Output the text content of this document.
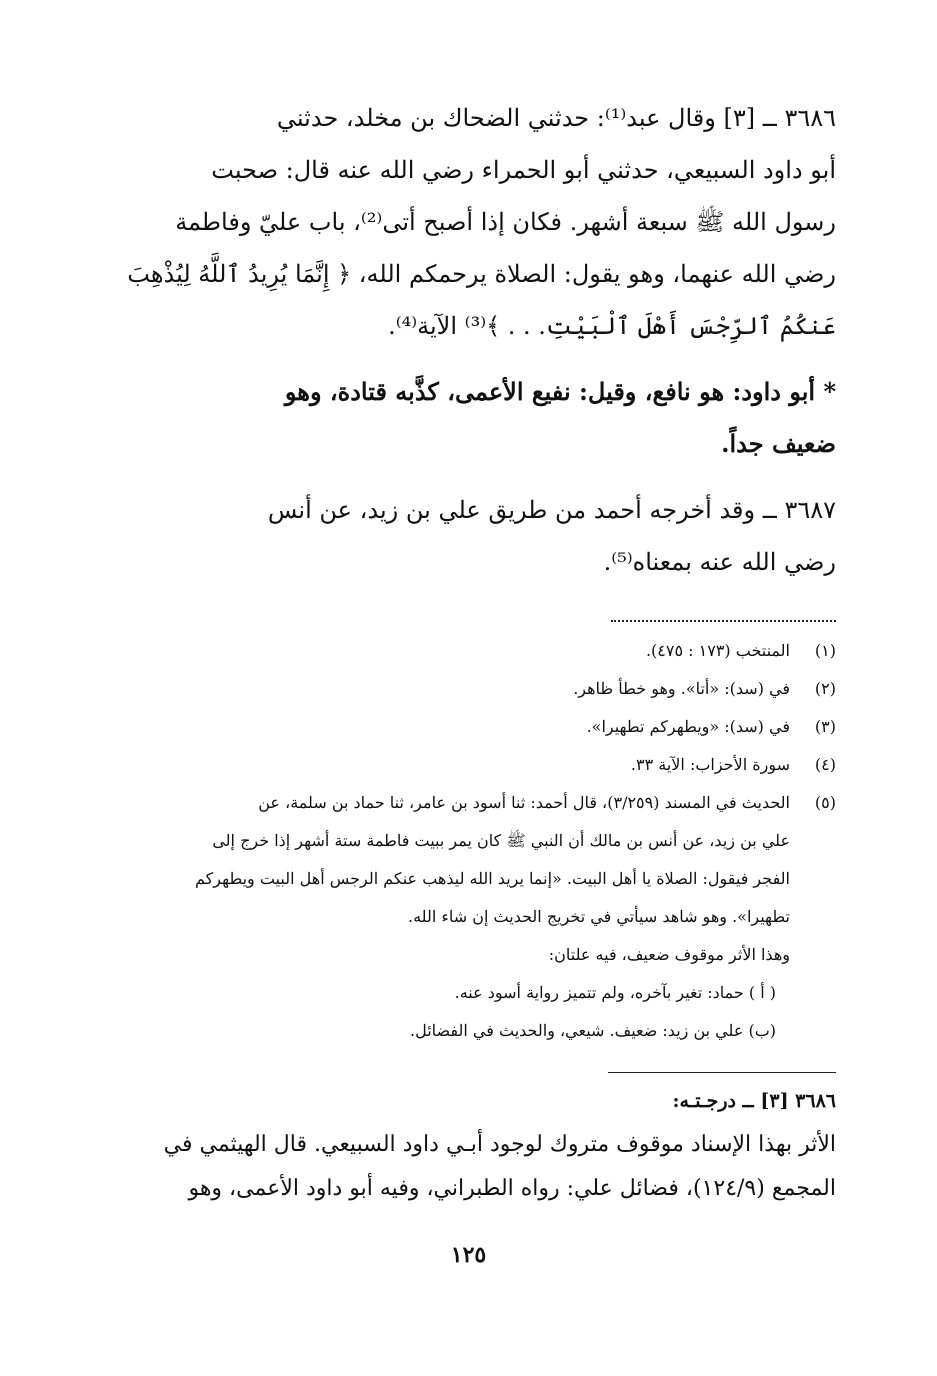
٣٦٨٦ ــ [٣] وقال عبد⁽¹⁾: حدثني الضحاك بن مخلد، حدثني
أبو داود السبيعي، حدثني أبو الحمراء رضي الله عنه قال: صحبت
رسول الله ﷺ سبعة أشهر. فكان إذا أصبح أتى⁽²⁾، باب عليّ وفاطمة
رضي الله عنهما، وهو يقول: الصلاة يرحمكم الله، ﴿ إِنَّمَا يُرِيدُ ٱللَّهُ لِيُذْهِبَ
عَنكُمُ ٱلرِّجْسَ أَهْلَ ٱلْبَيْتِ. . . ﴾⁽³⁾ الآية⁽⁴⁾.
* أبو داود: هو نافع، وقيل: نفيع الأعمى، كذَّبه قتادة، وهو
ضعيف جداً.
٣٦٨٧ ــ وقد أخرجه أحمد من طريق علي بن زيد، عن أنس
رضي الله عنه بمعناه⁽⁵⁾.
(١)
المنتخب (١٧٣ : ٤٧٥).
(٢)
في (سد): «أتا». وهو خطأ ظاهر.
(٣)
في (سد): «ويطهركم تطهيرا».
(٤)
سورة الأحزاب: الآية ٣٣.
(٥)
الحديث في المسند (٣/٢٥٩)، قال أحمد: ثنا أسود بن عامر، ثنا حماد بن سلمة، عن
علي بن زيد، عن أنس بن مالك أن النبي ﷺ كان يمر ببيت فاطمة ستة أشهر إذا خرج إلى
الفجر فيقول: الصلاة يا أهل البيت. «إنما يريد الله ليذهب عنكم الرجس أهل البيت ويطهركم
تطهيرا». وهو شاهد سيأتي في تخريج الحديث إن شاء الله.
وهذا الأثر موقوف ضعيف، فيه علتان:
( أ ) حماد: تغير بآخره، ولم تتميز رواية أسود عنه.
(ب) علي بن زيد: ضعيف. شيعي، والحديث في الفضائل.
٣٦٨٦ [٣] ــ درجـتـه:
الأثر بهذا الإسناد موقوف متروك لوجود أبـي داود السبيعي. قال الهيثمي في
المجمع (١٢٤/٩)، فضائل علي: رواه الطبراني، وفيه أبو داود الأعمى، وهو
١٢٥
